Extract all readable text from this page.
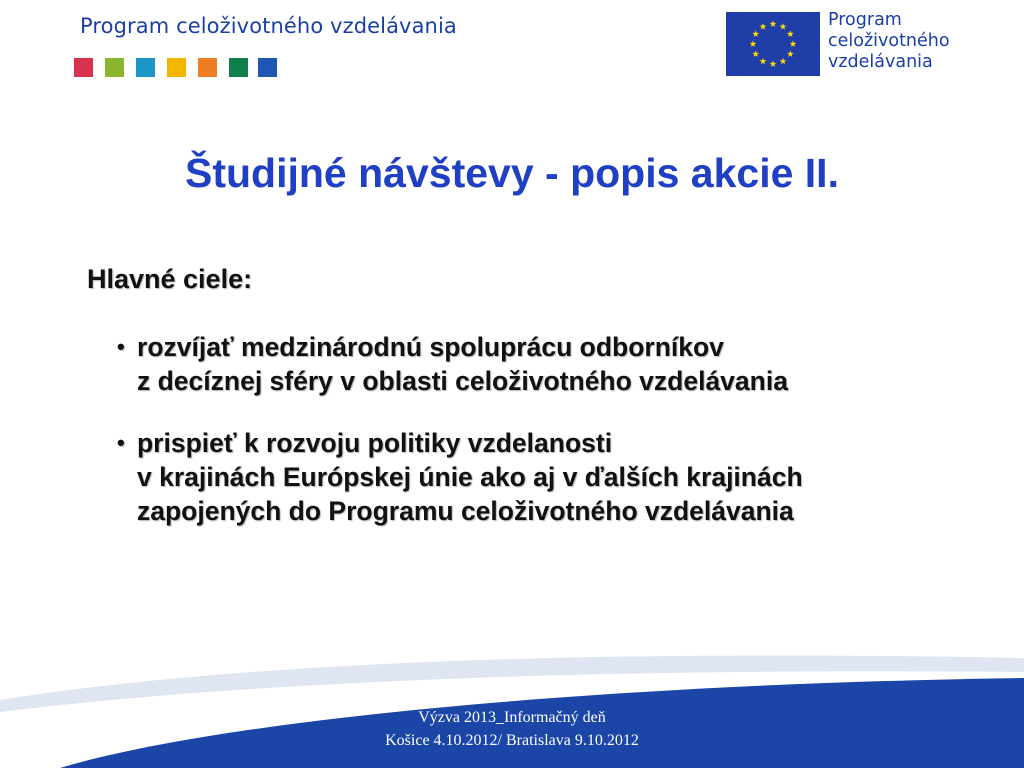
Program celoživotného vzdelávania	Program
celoživotného
vzdelávania
Študijné návštevy - popis akcie II.
Hlavné ciele:
• rozvíjať medzinárodnú spoluprácu odborníkov
z decíznej sféry v oblasti celoživotného vzdelávania
• prispieť k rozvoju politiky vzdelanosti
v krajinách Európskej únie ako aj v ďalších krajinách
zapojených do Programu celoživotného vzdelávania
Výzva 2013_Informačný deň
Košice 4.10.2012/ Bratislava 9.10.2012
